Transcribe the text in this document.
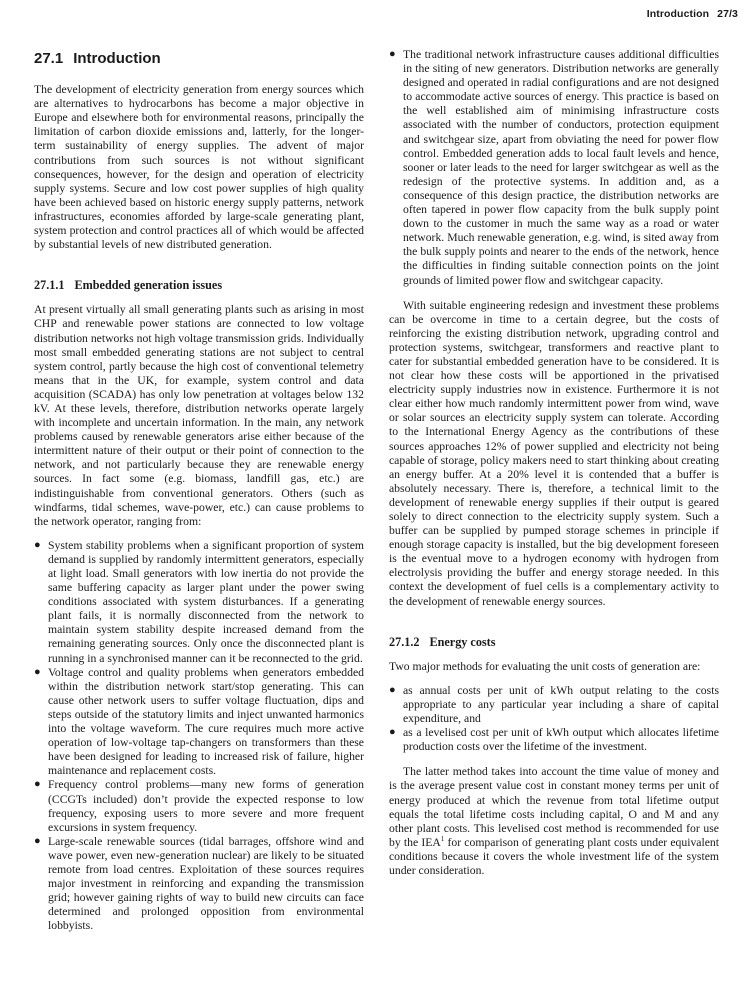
Introduction 27/3
27.1 Introduction

The development of electricity generation from energy sources which are alternatives to hydrocarbons has become a major objective in Europe and elsewhere both for environmental reasons, principally the limitation of carbon dioxide emissions and, latterly, for the longer-term sustainability of energy supplies. The advent of major contributions from such sources is not without significant consequences, however, for the design and operation of electricity supply systems. Secure and low cost power supplies of high quality have been achieved based on historic energy supply patterns, network infrastructures, economies afforded by large-scale generating plant, system protection and control practices all of which would be affected by substantial levels of new distributed generation.

27.1.1 Embedded generation issues

At present virtually all small generating plants such as arising in most CHP and renewable power stations are connected to low voltage distribution networks not high voltage transmission grids. Individually most small embedded generating stations are not subject to central system control, partly because the high cost of conventional telemetry means that in the UK, for example, system control and data acquisition (SCADA) has only low penetration at voltages below 132 kV. At these levels, therefore, distribution networks operate largely with incomplete and uncertain information. In the main, any network problems caused by renewable generators arise either because of the intermittent nature of their output or their point of connection to the network, and not particularly because they are renewable energy sources. In fact some (e.g. biomass, landfill gas, etc.) are indistinguishable from conventional generators. Others (such as windfarms, tidal schemes, wave-power, etc.) can cause problems to the network operator, ranging from:

● System stability problems when a significant proportion of system demand is supplied by randomly intermittent generators, especially at light load. Small generators with low inertia do not provide the same buffering capacity as larger plant under the power swing conditions associated with system disturbances. If a generating plant fails, it is normally disconnected from the network to maintain system stability despite increased demand from the remaining generating sources. Only once the disconnected plant is running in a synchronised manner can it be reconnected to the grid.
● Voltage control and quality problems when generators embedded within the distribution network start/stop generating. This can cause other network users to suffer voltage fluctuation, dips and steps outside of the statutory limits and inject unwanted harmonics into the voltage waveform. The cure requires much more active operation of low-voltage tap-changers on transformers than these have been designed for leading to increased risk of failure, higher maintenance and replacement costs.
● Frequency control problems—many new forms of generation (CCGTs included) don’t provide the expected response to low frequency, exposing users to more severe and more frequent excursions in system frequency.
● Large-scale renewable sources (tidal barrages, offshore wind and wave power, even new-generation nuclear) are likely to be situated remote from load centres. Exploitation of these sources requires major investment in reinforcing and expanding the transmission grid; however gaining rights of way to build new circuits can face determined and prolonged opposition from environmental lobbyists.
● The traditional network infrastructure causes additional difficulties in the siting of new generators. Distribution networks are generally designed and operated in radial configurations and are not designed to accommodate active sources of energy. This practice is based on the well established aim of minimising infrastructure costs associated with the number of conductors, protection equipment and switchgear size, apart from obviating the need for power flow control. Embedded generation adds to local fault levels and hence, sooner or later leads to the need for larger switchgear as well as the redesign of the protective systems. In addition and, as a consequence of this design practice, the distribution networks are often tapered in power flow capacity from the bulk supply point down to the customer in much the same way as a road or water network. Much renewable generation, e.g. wind, is sited away from the bulk supply points and nearer to the ends of the network, hence the difficulties in finding suitable connection points on the joint grounds of limited power flow and switchgear capacity.

With suitable engineering redesign and investment these problems can be overcome in time to a certain degree, but the costs of reinforcing the existing distribution network, upgrading control and protection systems, switchgear, transformers and reactive plant to cater for substantial embedded generation have to be considered. It is not clear how these costs will be apportioned in the privatised electricity supply industries now in existence. Furthermore it is not clear either how much randomly intermittent power from wind, wave or solar sources an electricity supply system can tolerate. According to the International Energy Agency as the contributions of these sources approaches 12% of power supplied and electricity not being capable of storage, policy makers need to start thinking about creating an energy buffer. At a 20% level it is contended that a buffer is absolutely necessary. There is, therefore, a technical limit to the development of renewable energy supplies if their output is geared solely to direct connection to the electricity supply system. Such a buffer can be supplied by pumped storage schemes in principle if enough storage capacity is installed, but the big development foreseen is the eventual move to a hydrogen economy with hydrogen from electrolysis providing the buffer and energy storage needed. In this context the development of fuel cells is a complementary activity to the development of renewable energy sources.

27.1.2 Energy costs

Two major methods for evaluating the unit costs of generation are:

● as annual costs per unit of kWh output relating to the costs appropriate to any particular year including a share of capital expenditure, and
● as a levelised cost per unit of kWh output which allocates lifetime production costs over the lifetime of the investment.

The latter method takes into account the time value of money and is the average present value cost in constant money terms per unit of energy produced at which the revenue from total lifetime output equals the total lifetime costs including capital, O and M and any other plant costs. This levelised cost method is recommended for use by the IEA$^1$ for comparison of generating plant costs under equivalent conditions because it covers the whole investment life of the system under consideration.
